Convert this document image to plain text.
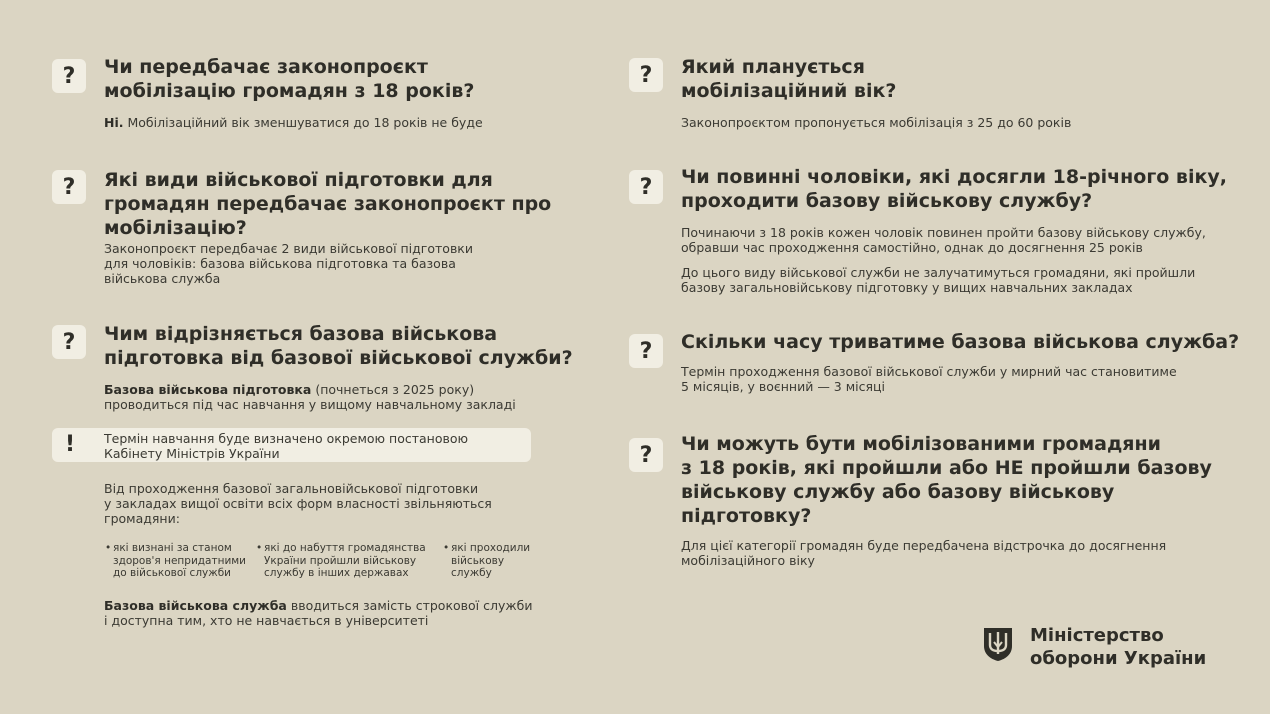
?	Чи передбачає законопроєкт
мобілізацію громадян з 18 років?

Ні. Мобілізаційний вік зменшуватися до 18 років не буде

?	Які види військової підготовки для
громадян передбачає законопроєкт про
мобілізацію?

Законопроєкт передбачає 2 види військової підготовки
для чоловіків: базова військова підготовка та базова
військова служба

?	Чим відрізняється базова військова
підготовка від базової військової служби?

Базова військова підготовка (почнеться з 2025 року)
проводиться під час навчання у вищому навчальному закладі

! Термін навчання буде визначено окремою постановою
Кабінету Міністрів України

Від проходження базової загальновійськової підготовки
у закладах вищої освіти всіх форм власності звільняються
громадяни:

• які визнані за станом
здоров'я непридатними
до військової служби
• які до набуття громадянства
України пройшли військову
службу в інших державах
• які проходили
військову
службу

Базова військова служба вводиться замість строкової служби
і доступна тим, хто не навчається в університеті

?	Який планується
мобілізаційний вік?

Законопроєктом пропонується мобілізація з 25 до 60 років

?	Чи повинні чоловіки, які досягли 18-річного віку,
проходити базову військову службу?

Починаючи з 18 років кожен чоловік повинен пройти базову військову службу,
обравши час проходження самостійно, однак до досягнення 25 років

До цього виду військової служби не залучатимуться громадяни, які пройшли
базову загальновійськову підготовку у вищих навчальних закладах

?	Скільки часу триватиме базова військова служба?

Термін проходження базової військової служби у мирний час становитиме
5 місяців, у воєнний — 3 місяці

?	Чи можуть бути мобілізованими громадяни
з 18 років, які пройшли або НЕ пройшли базову
військову службу або базову військову
підготовку?

Для цієї категорії громадян буде передбачена відстрочка до досягнення
мобілізаційного віку

Міністерство
оборони України
